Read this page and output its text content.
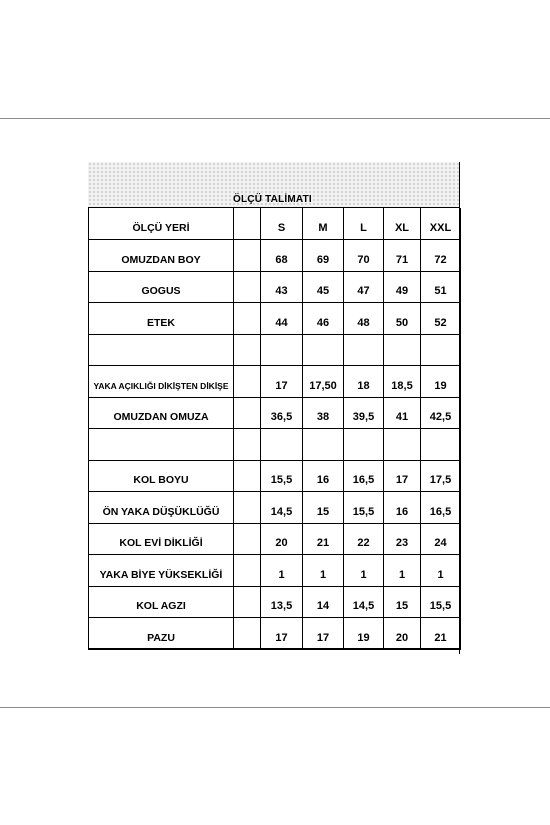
ÖLÇÜ TALİMATI
ÖLÇÜ YERİ		S	M	L	XL	XXL
OMUZDAN BOY		68	69	70	71	72
GOGUS		43	45	47	49	51
ETEK		44	46	48	50	52

YAKA AÇIKLIĞI DİKİŞTEN DİKİŞE		17	17,50	18	18,5	19
OMUZDAN OMUZA		36,5	38	39,5	41	42,5

KOL BOYU		15,5	16	16,5	17	17,5
ÖN YAKA DÜŞÜKLÜĞÜ		14,5	15	15,5	16	16,5
KOL EVİ DİKLİĞİ		20	21	22	23	24
YAKA BİYE YÜKSEKLİĞİ		1	1	1	1	1
KOL AGZI		13,5	14	14,5	15	15,5
PAZU		17	17	19	20	21
